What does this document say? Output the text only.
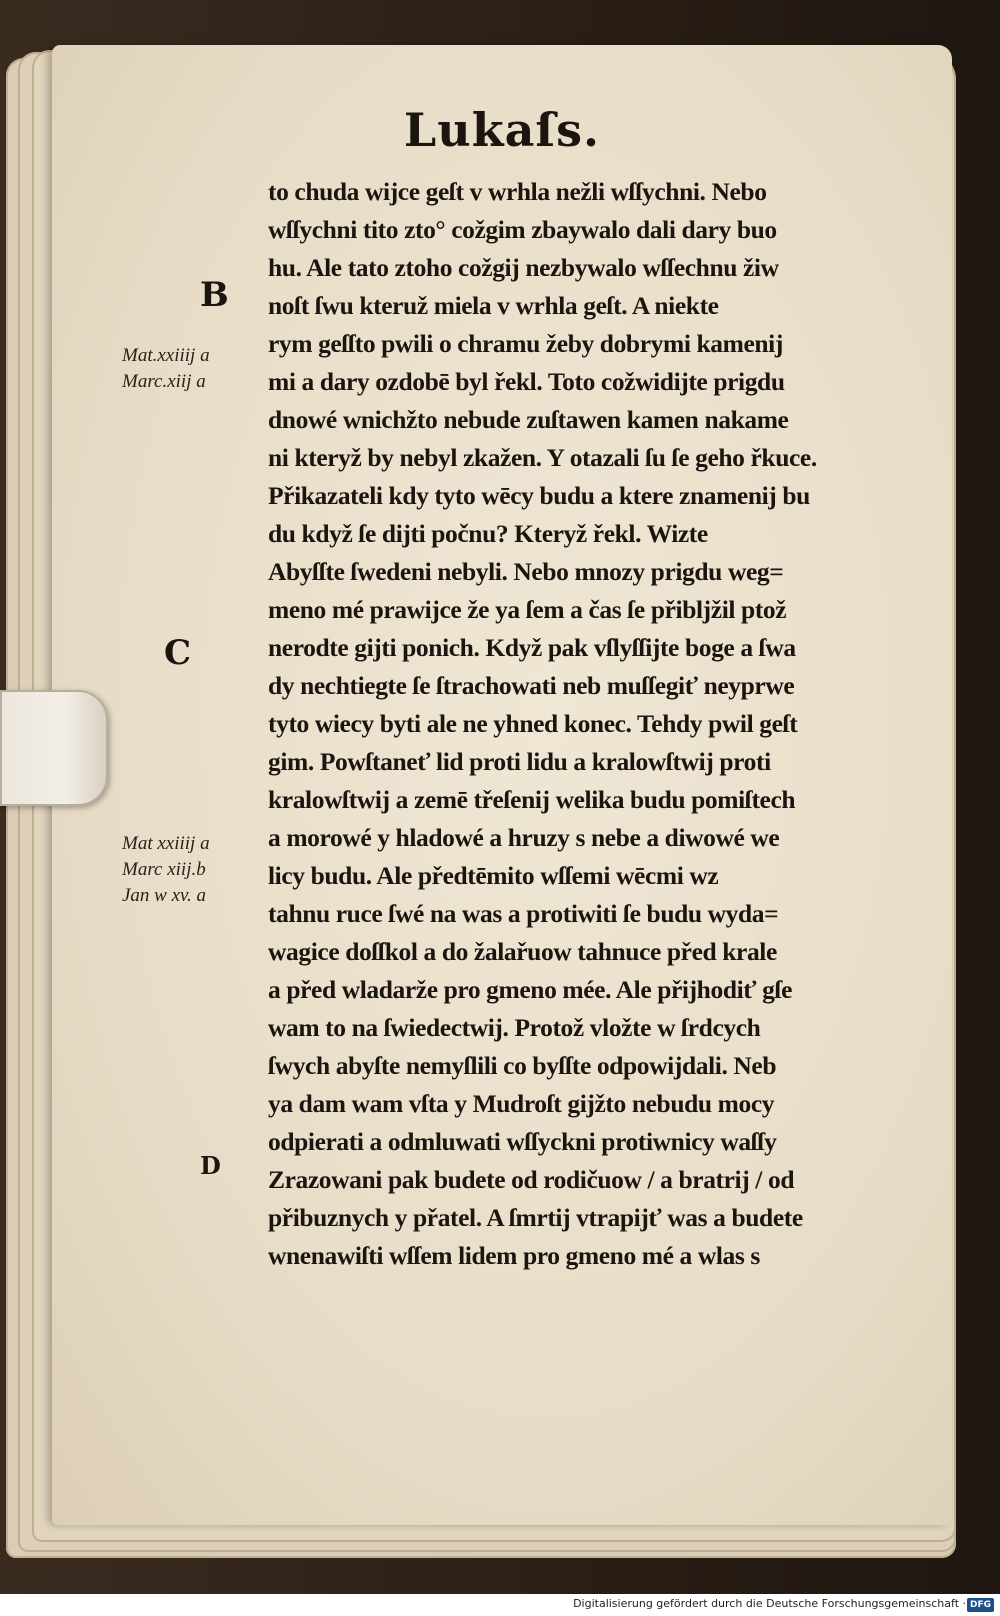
Lukaſs.
B
C
D
Mat.xxiiij a
Marc.xiij a
Mat xxiiij a
Marc xiij.b
Jan w xv. a
to chuda wijce geſt v wrhla nežli wſſychni. Nebo
wſſychni tito zto° cožgim zbaywalo dali dary buo
hu. Ale tato ztoho cožgij nezbywalo wſſechnu žiw
noſt ſwu kteruž miela v wrhla geſt. A niekte
rym geſſto pwili o chramu žeby dobrymi kamenij
mi a dary ozdobē byl řekl. Toto cožwidijte prigdu
dnowé wnichžto nebude zuſtawen kamen nakame
ni kteryž by nebyl zkažen. Y otazali ſu ſe geho řkuce.
Přikazateli kdy tyto wēcy budu a ktere znamenij bu
du když ſe dijti počnu? Kteryž řekl. Wizte
Abyſſte ſwedeni nebyli. Nebo mnozy prigdu weg=
meno mé prawijce že ya ſem a čas ſe přibljžil ptož
nerodte gijti ponich. Když pak vſlyſſijte boge a ſwa
dy nechtiegte ſe ſtrachowati neb muſſegiť neyprwe
tyto wiecy byti ale ne yhned konec. Tehdy pwil geſt
gim. Powſtaneť lid proti lidu a kralowſtwij proti
kralowſtwij a zemē třeſenij welika budu pomiſtech
a morowé y hladowé a hruzy s nebe a diwowé we
licy budu. Ale předtēmito wſſemi wēcmi wz
tahnu ruce ſwé na was a protiwiti ſe budu wyda=
wagice doſſkol a do žalařuow tahnuce před krale
a před wladarže pro gmeno mée. Ale přijhodiť gſe
wam to na ſwiedectwij. Protož vložte w ſrdcych
ſwych abyſte nemyſlili co byſſte odpowijdali. Neb
ya dam wam vſta y Mudroſt gijžto nebudu mocy
odpierati a odmluwati wſſyckni protiwnicy waſſy
Zrazowani pak budete od rodičuow / a bratrij / od
přibuznych y přatel. A ſmrtij vtrapijť was a budete
wnenawiſti wſſem lidem pro gmeno mé a wlas s
Digitalisierung gefördert durch die Deutsche Forschungsgemeinschaft · DFG
